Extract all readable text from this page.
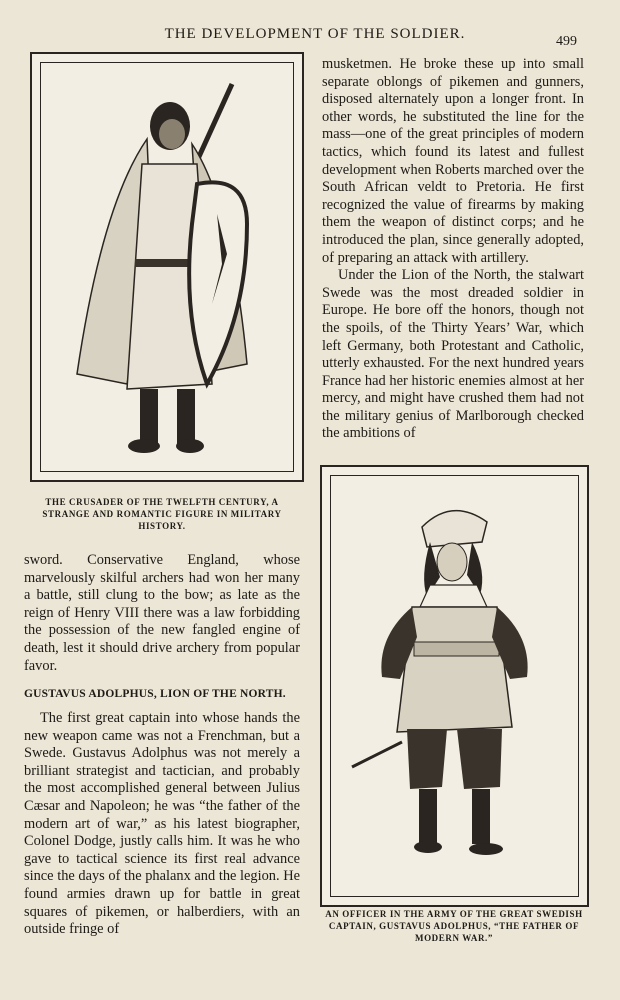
THE DEVELOPMENT OF THE SOLDIER.	499
THE CRUSADER OF THE TWELFTH CENTURY, A STRANGE AND ROMANTIC FIGURE IN MILITARY HISTORY.

musketmen. He broke these up into small separate oblongs of pikemen and gunners, disposed alternately upon a longer front. In other words, he substituted the line for the mass—one of the great principles of modern tactics, which found its latest and fullest development when Roberts marched over the South African veldt to Pretoria. He first recognized the value of firearms by making them the weapon of distinct corps; and he introduced the plan, since generally adopted, of preparing an attack with artillery.

Under the Lion of the North, the stalwart Swede was the most dreaded soldier in Europe. He bore off the honors, though not the spoils, of the Thirty Years’ War, which left Germany, both Protestant and Catholic, utterly exhausted. For the next hundred years France had her historic enemies almost at her mercy, and might have crushed them had not the military genius of Marlborough checked the ambitions of

AN OFFICER IN THE ARMY OF THE GREAT SWEDISH CAPTAIN, GUSTAVUS ADOLPHUS, “THE FATHER OF MODERN WAR.”

sword. Conservative England, whose marvelously skilful archers had won her many a battle, still clung to the bow; as late as the reign of Henry VIII there was a law forbidding the possession of the new fangled engine of death, lest it should drive archery from popular favor.

GUSTAVUS ADOLPHUS, LION OF THE NORTH.

The first great captain into whose hands the new weapon came was not a Frenchman, but a Swede. Gustavus Adolphus was not merely a brilliant strategist and tactician, and probably the most accomplished general between Julius Cæsar and Napoleon; he was “the father of the modern art of war,” as his latest biographer, Colonel Dodge, justly calls him. It was he who gave to tactical science its first real advance since the days of the phalanx and the legion. He found armies drawn up for battle in great squares of pikemen, or halberdiers, with an outside fringe of
